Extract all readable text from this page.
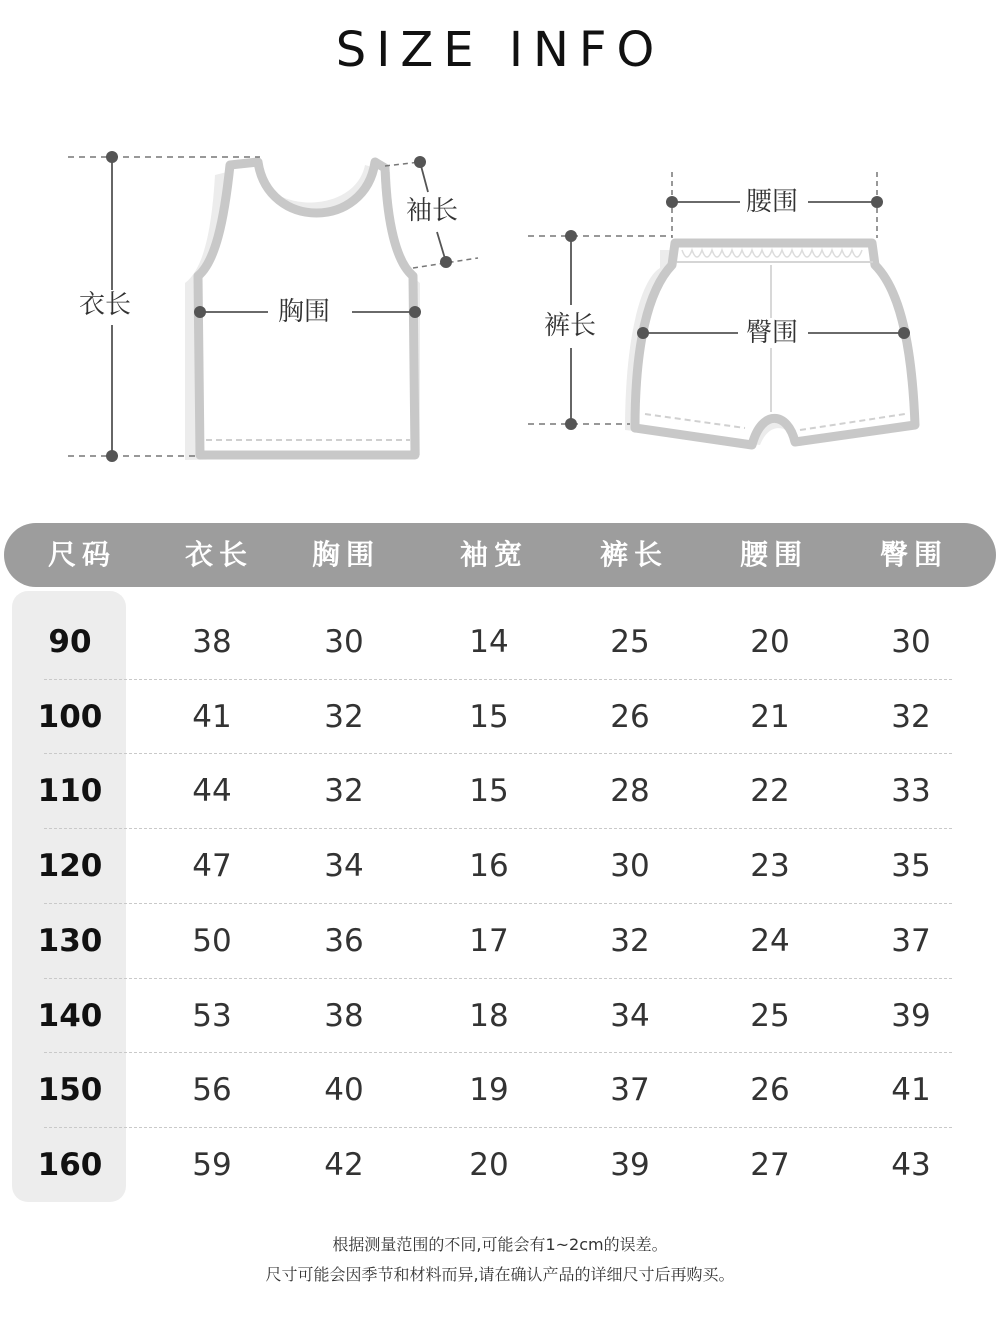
SIZE INFO
衣长	胸围
袖长	腰围
裤长	臀围
尺码	衣长	胸围	袖宽	裤长	腰围	臀围
90	38	30	14	25	20	30
100	41	32	15	26	21	32
110	44	32	15	28	22	33
120	47	34	16	30	23	35
130	50	36	17	32	24	37
140	53	38	18	34	25	39
150	56	40	19	37	26	41
160	59	42	20	39	27	43
根据测量范围的不同,可能会有1~2cm的误差。
尺寸可能会因季节和材料而异,请在确认产品的详细尺寸后再购买。
